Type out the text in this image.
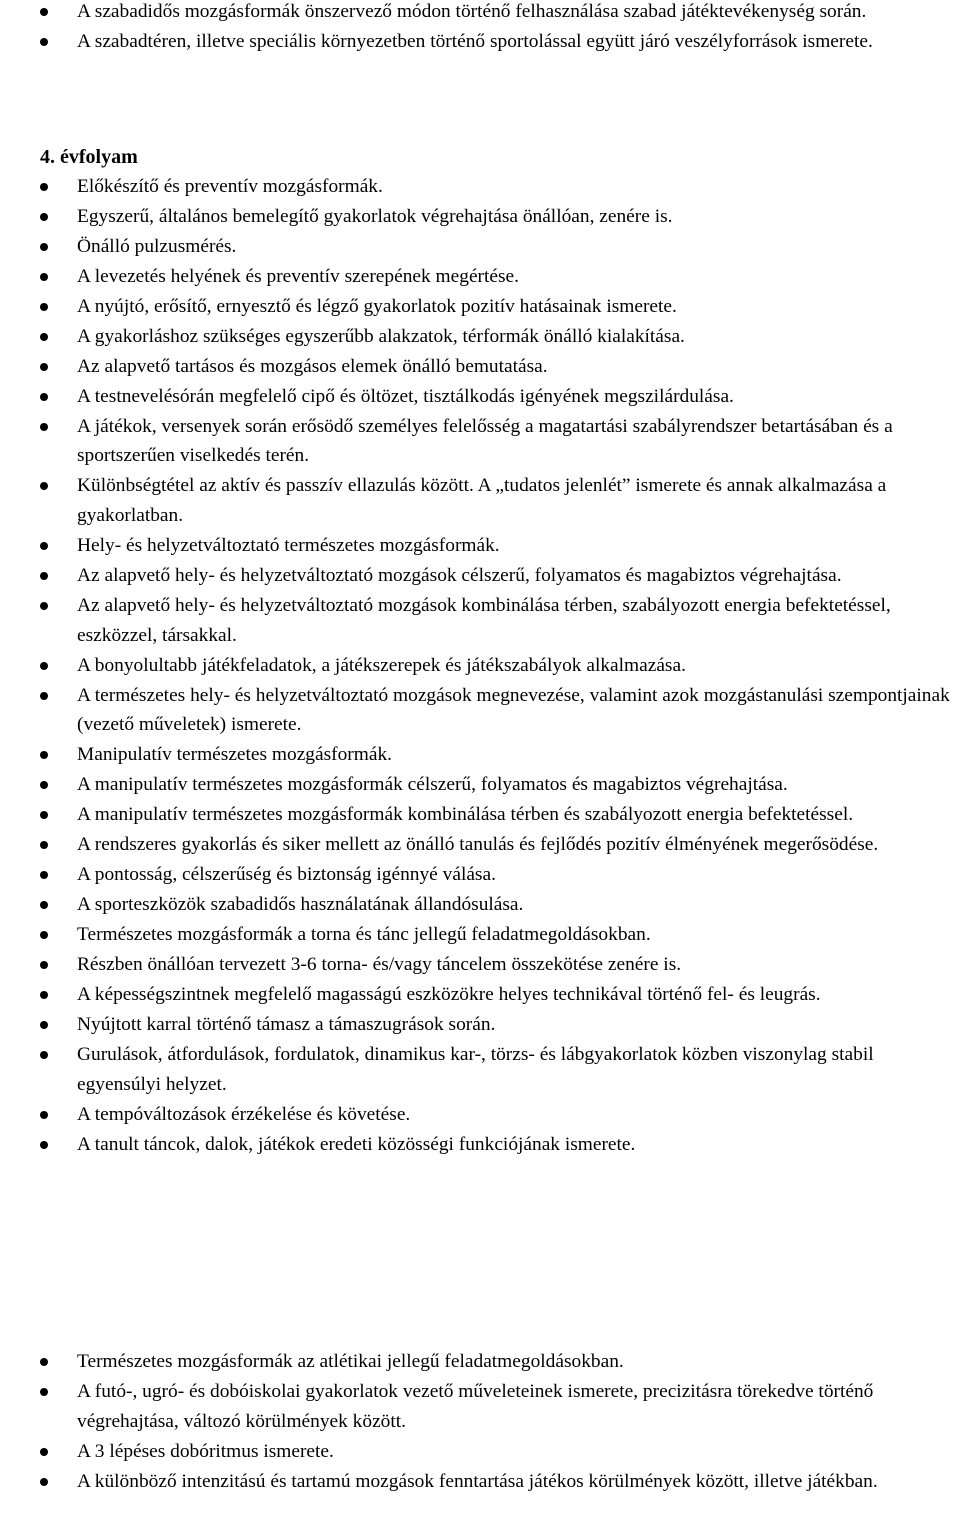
A szabadidős mozgásformák önszervező módon történő felhasználása szabad játéktevékenység során.
A szabadtéren, illetve speciális környezetben történő sportolással együtt járó veszélyforrások ismerete.
4. évfolyam
Előkészítő és preventív mozgásformák.
Egyszerű, általános bemelegítő gyakorlatok végrehajtása önállóan, zenére is.
Önálló pulzusmérés.
A levezetés helyének és preventív szerepének megértése.
A nyújtó, erősítő, ernyesztő és légző gyakorlatok pozitív hatásainak ismerete.
A gyakorláshoz szükséges egyszerűbb alakzatok, térformák önálló kialakítása.
Az alapvető tartásos és mozgásos elemek önálló bemutatása.
A testnevelésórán megfelelő cipő és öltözet, tisztálkodás igényének megszilárdulása.
A játékok, versenyek során erősödő személyes felelősség a magatartási szabályrendszer betartásában és a sportszerűen viselkedés terén.
Különbségtétel az aktív és passzív ellazulás között. A „tudatos jelenlét” ismerete és annak alkalmazása a gyakorlatban.
Hely- és helyzetváltoztató természetes mozgásformák.
Az alapvető hely- és helyzetváltoztató mozgások célszerű, folyamatos és magabiztos végrehajtása.
Az alapvető hely- és helyzetváltoztató mozgások kombinálása térben, szabályozott energia befektetéssel, eszközzel, társakkal.
A bonyolultabb játékfeladatok, a játékszerepek és játékszabályok alkalmazása.
A természetes hely- és helyzetváltoztató mozgások megnevezése, valamint azok mozgástanulási szempontjainak (vezető műveletek) ismerete.
Manipulatív természetes mozgásformák.
A manipulatív természetes mozgásformák célszerű, folyamatos és magabiztos végrehajtása.
A manipulatív természetes mozgásformák kombinálása térben és szabályozott energia befektetéssel.
A rendszeres gyakorlás és siker mellett az önálló tanulás és fejlődés pozitív élményének megerősödése.
A pontosság, célszerűség és biztonság igénnyé válása.
A sporteszközök szabadidős használatának állandósulása.
Természetes mozgásformák a torna és tánc jellegű feladatmegoldásokban.
Részben önállóan tervezett 3-6 torna- és/vagy táncelem összekötése zenére is.
A képességszintnek megfelelő magasságú eszközökre helyes technikával történő fel- és leugrás.
Nyújtott karral történő támasz a támaszugrások során.
Gurulások, átfordulások, fordulatok, dinamikus kar-, törzs- és lábgyakorlatok közben viszonylag stabil egyensúlyi helyzet.
A tempóváltozások érzékelése és követése.
A tanult táncok, dalok, játékok eredeti közösségi funkciójának ismerete.
Természetes mozgásformák az atlétikai jellegű feladatmegoldásokban.
A futó-, ugró- és dobóiskolai gyakorlatok vezető műveleteinek ismerete, precizitásra törekedve történő végrehajtása, változó körülmények között.
A 3 lépéses dobóritmus ismerete.
A különböző intenzitású és tartamú mozgások fenntartása játékos körülmények között, illetve játékban.
